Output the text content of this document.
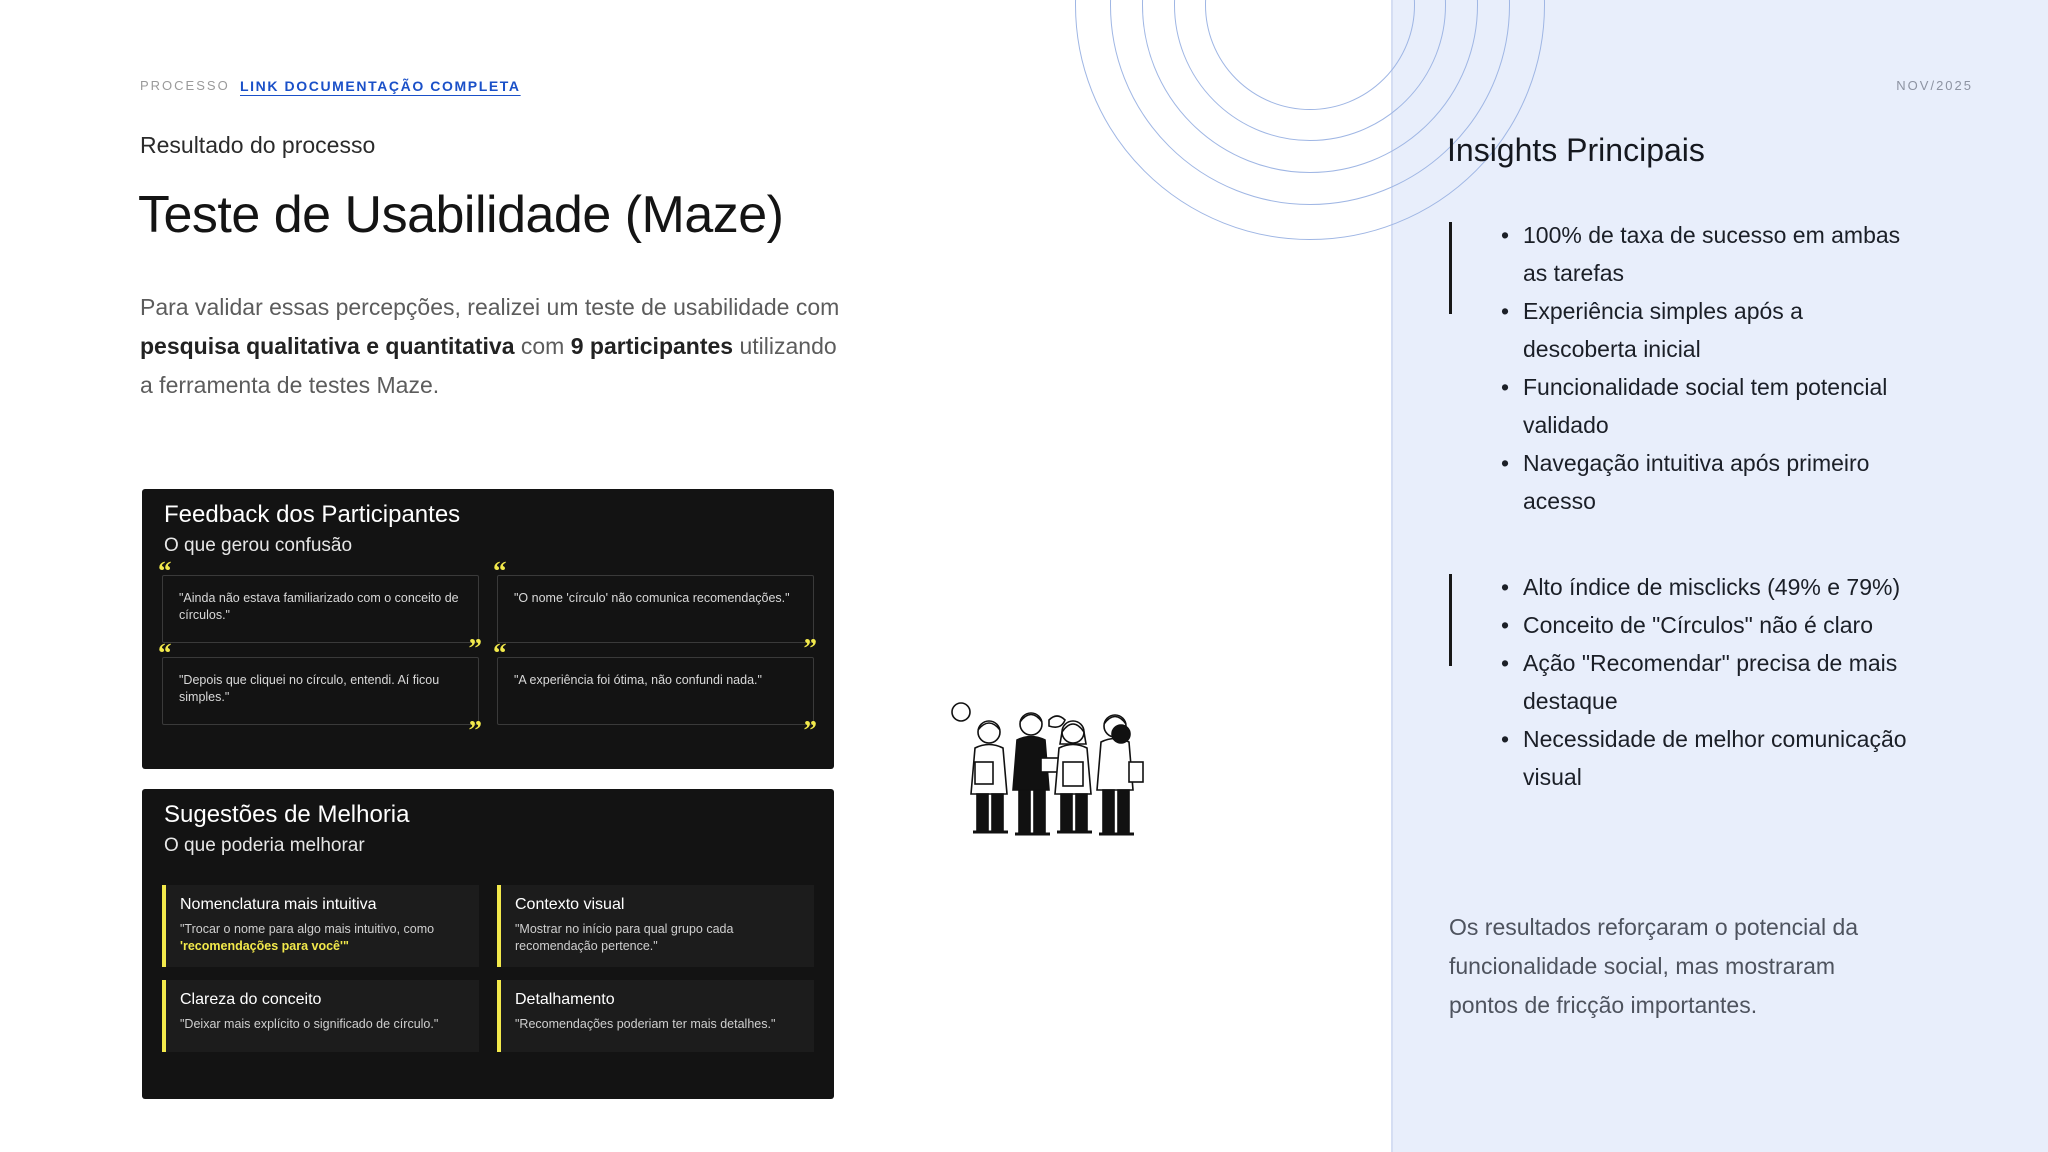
PROCESSO LINK DOCUMENTAÇÃO COMPLETA	NOV/2025
Resultado do processo
Teste de Usabilidade (Maze)

Para validar essas percepções, realizei um teste de usabilidade com pesquisa qualitativa e quantitativa com 9 participantes utilizando a ferramenta de testes Maze.

Feedback dos Participantes
O que gerou confusão
“

"Ainda não estava familiarizado com o conceito de círculos."

”
“

"O nome 'círculo' não comunica recomendações."

”
“

"Depois que cliquei no círculo, entendi. Aí ficou simples."

”
“

"A experiência foi ótima, não confundi nada."

”
Sugestões de Melhoria
O que poderia melhorar
Nomenclatura mais intuitiva

"Trocar o nome para algo mais intuitivo, como 'recomendações para você'"

Contexto visual

"Mostrar no início para qual grupo cada recomendação pertence."

Clareza do conceito

"Deixar mais explícito o significado de círculo."

Detalhamento

"Recomendações poderiam ter mais detalhes."

Insights Principais
• 100% de taxa de sucesso em ambas as tarefas
• Experiência simples após a descoberta inicial
• Funcionalidade social tem potencial validado
• Navegação intuitiva após primeiro acesso
• Alto índice de misclicks (49% e 79%)
• Conceito de "Círculos" não é claro
• Ação "Recomendar" precisa de mais destaque
• Necessidade de melhor comunicação visual

Os resultados reforçaram o potencial da funcionalidade social, mas mostraram pontos de fricção importantes.
